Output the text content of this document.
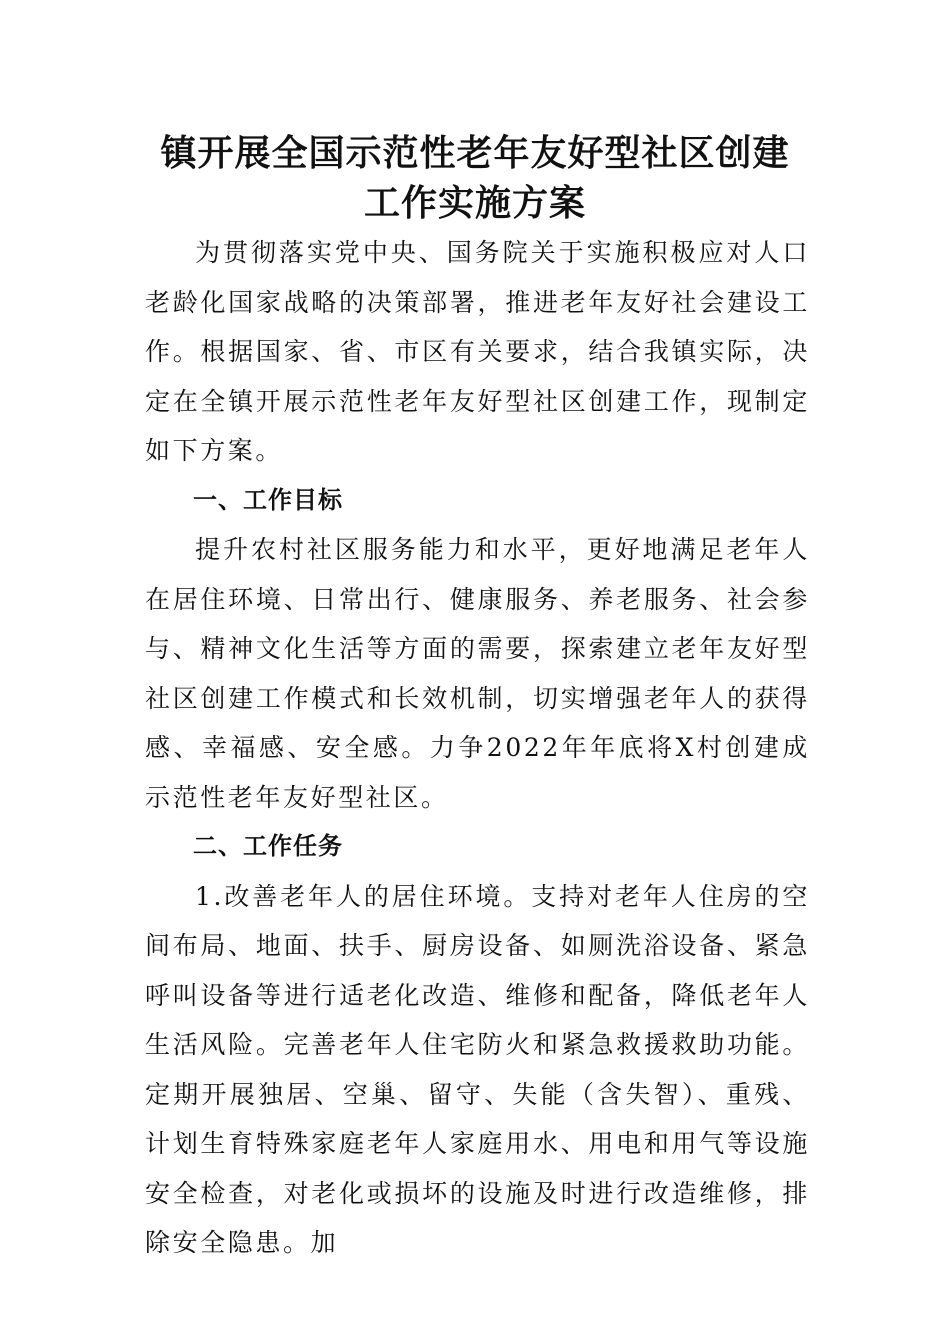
镇开展全国示范性老年友好型社区创建
工作实施方案

为贯彻落实党中央、国务院关于实施积极应对人口老龄化国家战略的决策部署，推进老年友好社会建设工作。根据国家、省、市区有关要求，结合我镇实际，决定在全镇开展示范性老年友好型社区创建工作，现制定如下方案。

一、工作目标

提升农村社区服务能力和水平，更好地满足老年人在居住环境、日常出行、健康服务、养老服务、社会参与、精神文化生活等方面的需要，探索建立老年友好型社区创建工作模式和长效机制，切实增强老年人的获得感、幸福感、安全感。力争2022年年底将X村创建成示范性老年友好型社区。

二、工作任务

1.改善老年人的居住环境。支持对老年人住房的空间布局、地面、扶手、厨房设备、如厕洗浴设备、紧急呼叫设备等进行适老化改造、维修和配备，降低老年人生活风险。完善老年人住宅防火和紧急救援救助功能。定期开展独居、空巢、留守、失能（含失智）、重残、计划生育特殊家庭老年人家庭用水、用电和用气等设施安全检查，对老化或损坏的设施及时进行改造维修，排除安全隐患。加
